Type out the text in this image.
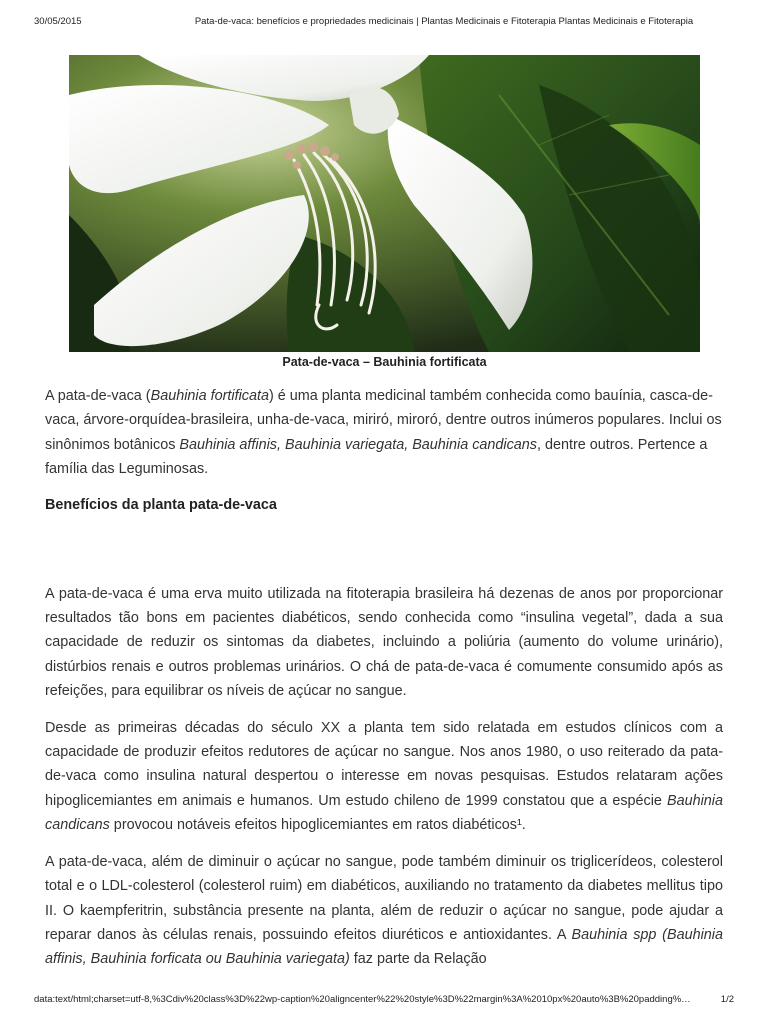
30/05/2015	Pata-de-vaca: benefícios e propriedades medicinais | Plantas Medicinais e Fitoterapia Plantas Medicinais e Fitoterapia
Pata-de-vaca – Bauhinia fortificata

A pata-de-vaca (Bauhinia fortificata) é uma planta medicinal também conhecida como bauínia, casca-de-vaca, árvore-orquídea-brasileira, unha-de-vaca, mirirό, miroró, dentre outros inúmeros populares. Inclui os sinônimos botânicos Bauhinia affinis, Bauhinia variegata, Bauhinia candicans, dentre outros. Pertence a família das Leguminosas.

Benefícios da planta pata-de-vaca

A pata-de-vaca é uma erva muito utilizada na fitoterapia brasileira há dezenas de anos por proporcionar resultados tão bons em pacientes diabéticos, sendo conhecida como “insulina vegetal”, dada a sua capacidade de reduzir os sintomas da diabetes, incluindo a poliúria (aumento do volume urinário), distúrbios renais e outros problemas urinários. O chá de pata-de-vaca é comumente consumido após as refeições, para equilibrar os níveis de açúcar no sangue.

Desde as primeiras décadas do século XX a planta tem sido relatada em estudos clínicos com a capacidade de produzir efeitos redutores de açúcar no sangue. Nos anos 1980, o uso reiterado da pata-de-vaca como insulina natural despertou o interesse em novas pesquisas. Estudos relataram ações hipoglicemiantes em animais e humanos. Um estudo chileno de 1999 constatou que a espécie Bauhinia candicans provocou notáveis efeitos hipoglicemiantes em ratos diabéticos¹.

A pata-de-vaca, além de diminuir o açúcar no sangue, pode também diminuir os triglicerídeos, colesterol total e o LDL-colesterol (colesterol ruim) em diabéticos, auxiliando no tratamento da diabetes mellitus tipo II. O kaempferitrin, substância presente na planta, além de reduzir o açúcar no sangue, pode ajudar a reparar danos às células renais, possuindo efeitos diuréticos e antioxidantes. A Bauhinia spp (Bauhinia affinis, Bauhinia forficata ou Bauhinia variegata) faz parte da Relação

data:text/html;charset=utf-8,%3Cdiv%20class%3D%22wp-caption%20aligncenter%22%20style%3D%22margin%3A%2010px%20auto%3B%20padding%…	1/2
